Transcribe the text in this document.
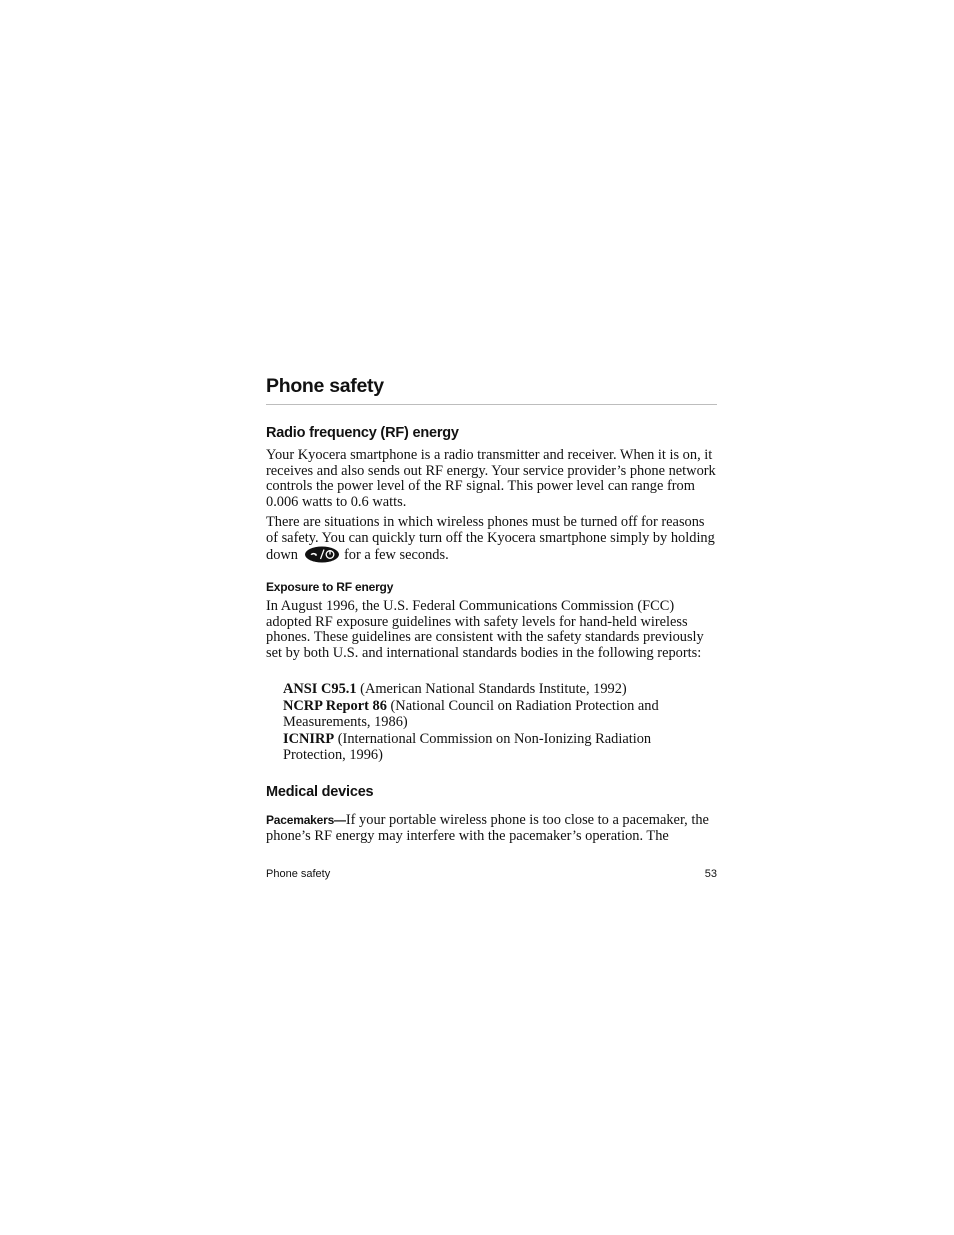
Phone safety
Radio frequency (RF) energy

Your Kyocera smartphone is a radio transmitter and receiver. When it is on, it receives and also sends out RF energy. Your service provider’s phone network controls the power level of the RF signal. This power level can range from 0.006 watts to 0.6 watts.

There are situations in which wireless phones must be turned off for reasons of safety. You can quickly turn off the Kyocera smartphone simply by holding down	for a few seconds.

Exposure to RF energy

In August 1996, the U.S. Federal Communications Commission (FCC) adopted RF exposure guidelines with safety levels for hand-held wireless phones. These guidelines are consistent with the safety standards previously set by both U.S. and international standards bodies in the following reports:

ANSI C95.1 (American National Standards Institute, 1992)

NCRP Report 86 (National Council on Radiation Protection and Measurements, 1986)

ICNIRP (International Commission on Non-Ionizing Radiation Protection, 1996)

Medical devices

Pacemakers—If your portable wireless phone is too close to a pacemaker, the phone’s RF energy may interfere with the pacemaker’s operation. The

Phone safety	53
